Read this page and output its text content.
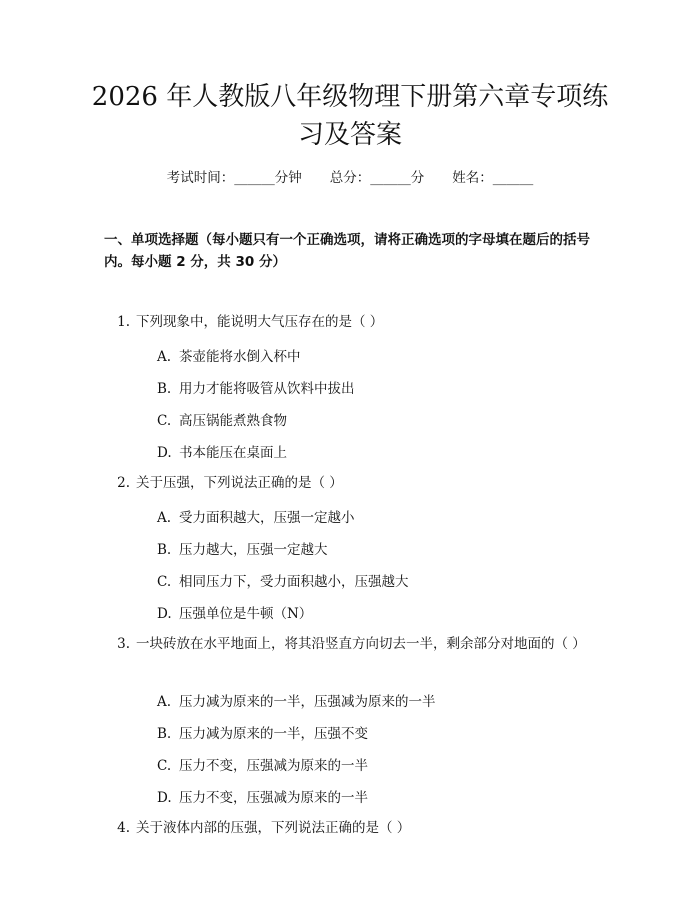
2026 年人教版八年级物理下册第六章专项练习及答案
考试时间：______分钟 总分：______分 姓名：______

一、单项选择题（每小题只有一个正确选项，请将正确选项的字母填在题后的括号内。每小题 2 分，共 30 分）

1. 下列现象中，能说明大气压存在的是（ ）

A. 茶壶能将水倒入杯中
B. 用力才能将吸管从饮料中拔出
C. 高压锅能煮熟食物
D. 书本能压在桌面上

2. 关于压强，下列说法正确的是（ ）

A. 受力面积越大，压强一定越小
B. 压力越大，压强一定越大
C. 相同压力下，受力面积越小，压强越大
D. 压强单位是牛顿（N）

3. 一块砖放在水平地面上，将其沿竖直方向切去一半，剩余部分对地面的（ ）

A. 压力减为原来的一半，压强减为原来的一半
B. 压力减为原来的一半，压强不变
C. 压力不变，压强减为原来的一半
D. 压力不变，压强减为原来的一半

4. 关于液体内部的压强，下列说法正确的是（ ）
